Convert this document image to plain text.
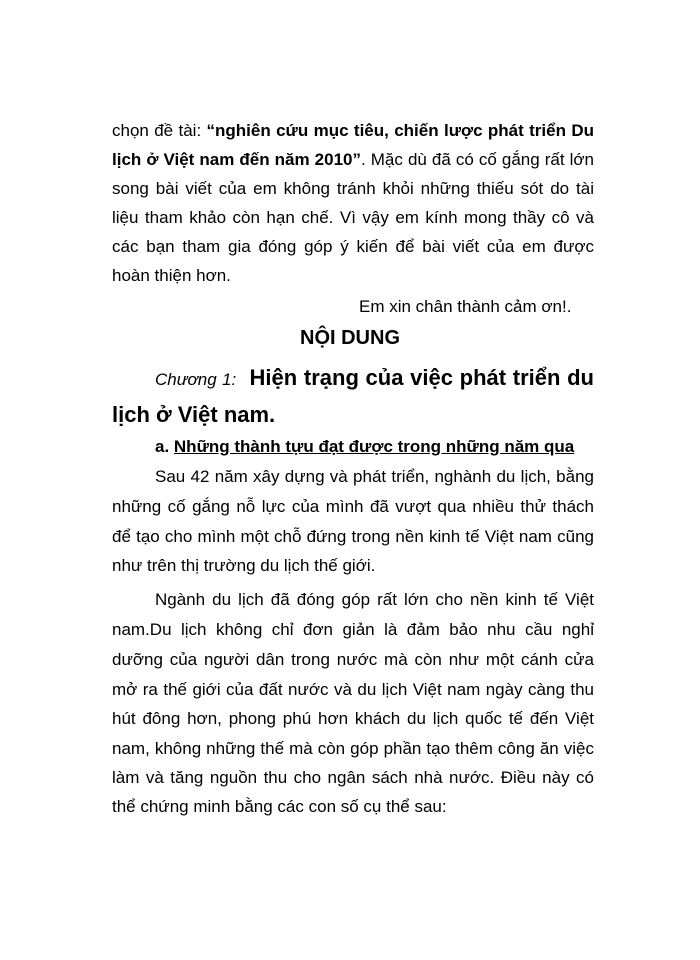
chọn đề tài: “nghiên cứu mục tiêu, chiến lược phát triển Du
lịch ở Việt nam đến năm 2010”. Mặc dù đã có cố gắng rất lớn
song bài viết của em không tránh khỏi những thiếu sót do tài
liệu tham khảo còn hạn chế. Vì vậy em kính mong thầy cô và
các bạn tham gia đóng góp ý kiến để bài viết của em được
hoàn thiện hơn.
Em xin chân thành cảm ơn!.
NỘI DUNG
Chương 1: Hiện trạng của việc phát triển du
lịch ở Việt nam.
a. Những thành tựu đạt được trong những năm qua
Sau 42 năm xây dựng và phát triển, nghành du lịch, bằng
những cố gắng nỗ lực của mình đã vượt qua nhiều thử thách
để tạo cho mình một chỗ đứng trong nền kinh tế Việt nam cũng
như trên thị trường du lịch thế giới.
Ngành du lịch đã đóng góp rất lớn cho nền kinh tế Việt
nam.Du lịch không chỉ đơn giản là đảm bảo nhu cầu nghỉ
dưỡng của người dân trong nước mà còn như một cánh cửa
mở ra thế giới của đất nước và du lịch Việt nam ngày càng thu
hút đông hơn, phong phú hơn khách du lịch quốc tế đến Việt
nam, không những thế mà còn góp phần tạo thêm công ăn việc
làm và tăng nguồn thu cho ngân sách nhà nước. Điều này có
thể chứng minh bằng các con số cụ thể sau:
